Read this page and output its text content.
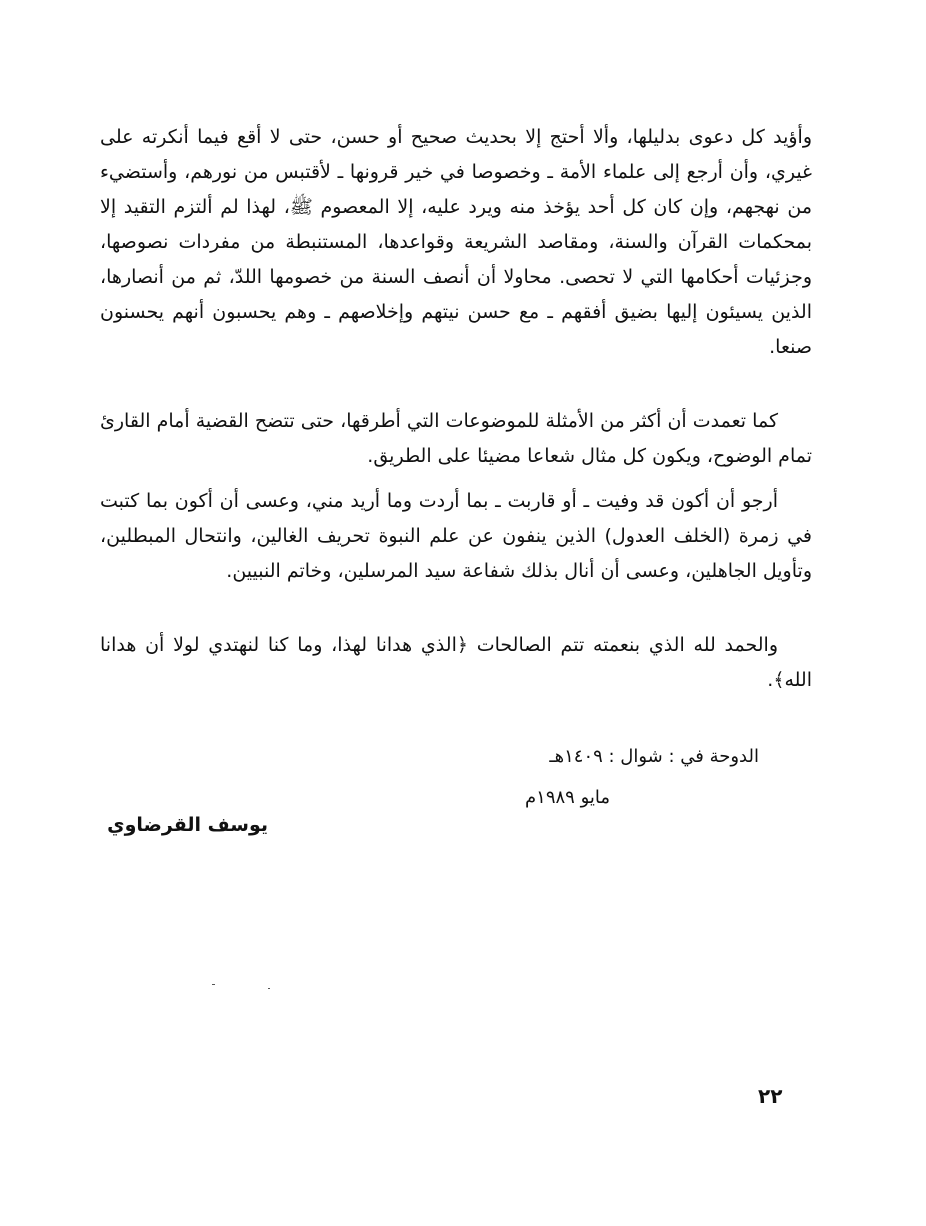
وأؤيد كل دعوى بدليلها، وألا أحتج إلا بحديث صحيح أو حسن، حتى لا أقع فيما أنكرته على غيري، وأن أرجع إلى علماء الأمة ـ وخصوصا في خير قرونها ـ لأقتبس من نورهم، وأستضيء من نهجهم، وإن كان كل أحد يؤخذ منه ويرد عليه، إلا المعصوم ﷺ، لهذا لم ألتزم التقيد إلا بمحكمات القرآن والسنة، ومقاصد الشريعة وقواعدها، المستنبطة من مفردات نصوصها، وجزئيات أحكامها التي لا تحصى. محاولا أن أنصف السنة من خصومها اللدّ، ثم من أنصارها، الذين يسيئون إليها بضيق أفقهم ـ مع حسن نيتهم وإخلاصهم ـ وهم يحسبون أنهم يحسنون صنعا.

كما تعمدت أن أكثر من الأمثلة للموضوعات التي أطرقها، حتى تتضح القضية أمام القارئ تمام الوضوح، ويكون كل مثال شعاعا مضيئا على الطريق.

أرجو أن أكون قد وفيت ـ أو قاربت ـ بما أردت وما أريد مني، وعسى أن أكون بما كتبت في زمرة (الخلف العدول) الذين ينفون عن علم النبوة تحريف الغالين، وانتحال المبطلين، وتأويل الجاهلين، وعسى أن أنال بذلك شفاعة سيد المرسلين، وخاتم النبيين.

والحمد لله الذي بنعمته تتم الصالحات ﴿الذي هدانا لهذا، وما كنا لنهتدي لولا أن هدانا الله﴾.

الدوحة في : شوال : ١٤٠٩هـ
مايو ١٩٨٩م
يوسف القرضاوي
٢٢
